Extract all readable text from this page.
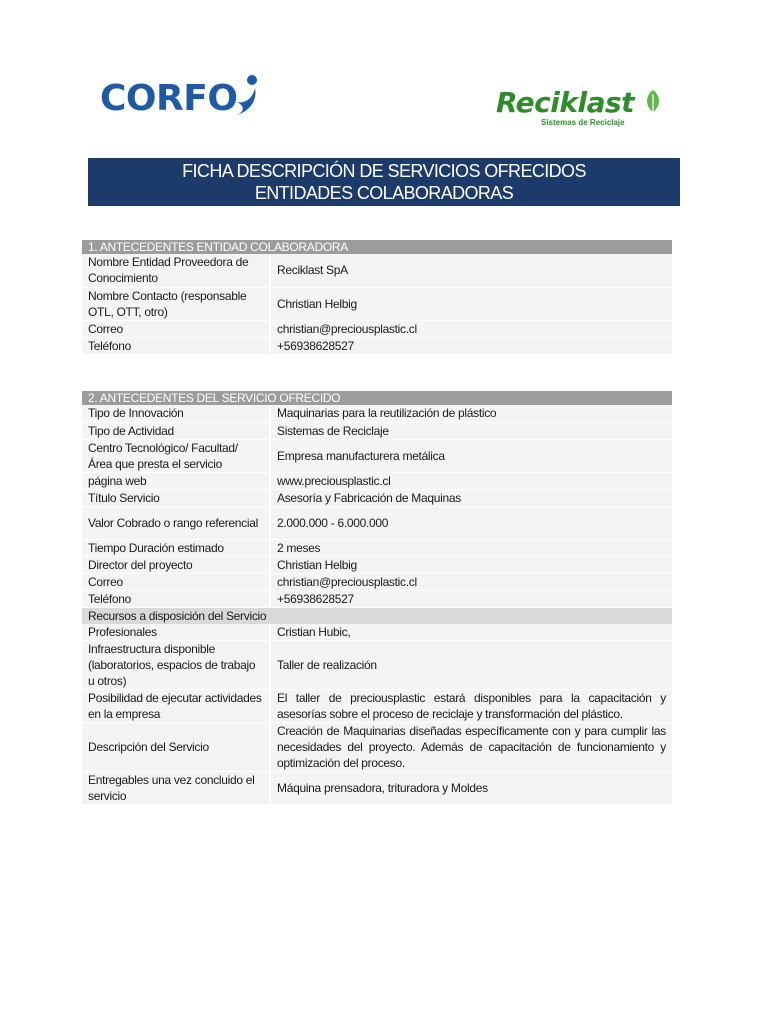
CORFO	Reciklast
Sistemas de Reciclaje
FICHA DESCRIPCIÓN DE SERVICIOS OFRECIDOS
ENTIDADES COLABORADORAS
1. ANTECEDENTES ENTIDAD COLABORADORA	
Nombre Entidad Proveedora de Conocimiento	Reciklast SpA
Nombre Contacto (responsable OTL, OTT, otro)	Christian Helbig
Correo	christian@preciousplastic.cl
Teléfono	+56938628527
2. ANTECEDENTES DEL SERVICIO OFRECIDO	
Tipo de Innovación	Maquinarias para la reutilización de plástico
Tipo de Actividad	Sistemas de Reciclaje
Centro Tecnológico/ Facultad/ Área que presta el servicio	Empresa manufacturera metálica
página web	www.preciousplastic.cl
Título Servicio	Asesoría y Fabricación de Maquinas
Valor Cobrado o rango referencial	2.000.000 - 6.000.000
Tiempo Duración estimado	2 meses
Director del proyecto	Christian Helbig
Correo	christian@preciousplastic.cl
Teléfono	+56938628527
Recursos a disposición del Servicio	
Profesionales	Cristian Hubic,
Infraestructura disponible (laboratorios, espacios de trabajo u otros)	Taller de realización
Posibilidad de ejecutar actividades en la empresa	El taller de preciousplastic estará disponibles para la capacitación y asesorías sobre el proceso de reciclaje y transformación del plástico.
Descripción del Servicio	Creación de Maquinarias diseñadas específicamente con y para cumplir las necesidades del proyecto. Además de capacitación de funcionamiento y optimización del proceso.
Entregables una vez concluido el servicio	Máquina prensadora, trituradora y Moldes
